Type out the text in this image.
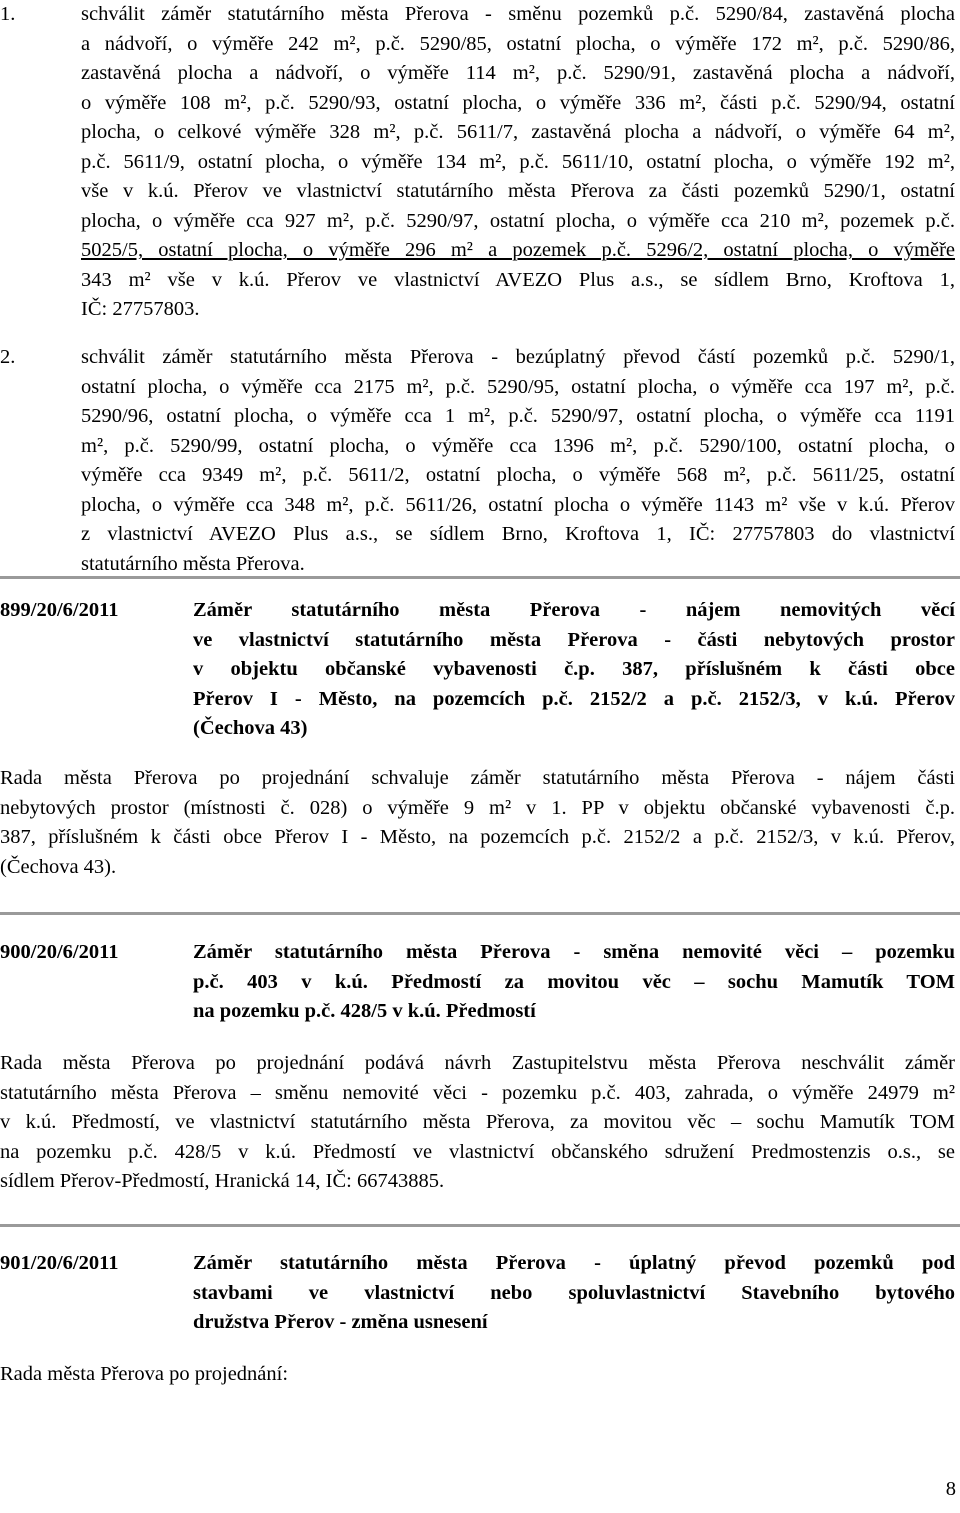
1.	schválit záměr statutárního města Přerova - směnu pozemků p.č. 5290/84, zastavěná plocha

a nádvoří, o výměře 242 m², p.č. 5290/85, ostatní plocha, o výměře 172 m², p.č. 5290/86,

zastavěná plocha a nádvoří, o výměře 114 m², p.č. 5290/91, zastavěná plocha a nádvoří,

o výměře 108 m², p.č. 5290/93, ostatní plocha, o výměře 336 m², části p.č. 5290/94, ostatní

plocha, o celkové výměře 328 m², p.č. 5611/7, zastavěná plocha a nádvoří, o výměře 64 m²,

p.č. 5611/9, ostatní plocha, o výměře 134 m², p.č. 5611/10, ostatní plocha, o výměře 192 m²,

vše v k.ú. Přerov ve vlastnictví statutárního města Přerova za části pozemků 5290/1, ostatní

plocha, o výměře cca 927 m², p.č. 5290/97, ostatní plocha, o výměře cca 210 m², pozemek p.č.

5025/5, ostatní plocha, o výměře 296 m² a pozemek p.č. 5296/2, ostatní plocha, o výměře

343 m² vše v k.ú. Přerov ve vlastnictví AVEZO Plus a.s., se sídlem Brno, Kroftova 1,

IČ: 27757803.

2.	schválit záměr statutárního města Přerova - bezúplatný převod částí pozemků p.č. 5290/1,

ostatní plocha, o výměře cca 2175 m², p.č. 5290/95, ostatní plocha, o výměře cca 197 m², p.č.

5290/96, ostatní plocha, o výměře cca 1 m², p.č. 5290/97, ostatní plocha, o výměře cca 1191

m², p.č. 5290/99, ostatní plocha, o výměře cca 1396 m², p.č. 5290/100, ostatní plocha, o

výměře cca 9349 m², p.č. 5611/2, ostatní plocha, o výměře 568 m², p.č. 5611/25, ostatní

plocha, o výměře cca 348 m², p.č. 5611/26, ostatní plocha o výměře 1143 m² vše v k.ú. Přerov

z vlastnictví AVEZO Plus a.s., se sídlem Brno, Kroftova 1, IČ: 27757803 do vlastnictví

statutárního města Přerova.

899/20/6/2011	Záměr statutárního města Přerova - nájem nemovitých věcí
ve vlastnictví statutárního města Přerova - části nebytových prostor
v objektu občanské vybavenosti č.p. 387, příslušném k části obce
Přerov I - Město, na pozemcích p.č. 2152/2 a p.č. 2152/3, v k.ú. Přerov
(Čechova 43)
Rada města Přerova po projednání schvaluje záměr statutárního města Přerova - nájem části
nebytových prostor (místnosti č. 028) o výměře 9 m² v 1. PP v objektu občanské vybavenosti č.p.
387, příslušném k části obce Přerov I - Město, na pozemcích p.č. 2152/2 a p.č. 2152/3, v k.ú. Přerov,
(Čechova 43).
900/20/6/2011	Záměr statutárního města Přerova - směna nemovité věci – pozemku
p.č. 403 v k.ú. Předmostí za movitou věc – sochu Mamutík TOM
na pozemku p.č. 428/5 v k.ú. Předmostí
Rada města Přerova po projednání podává návrh Zastupitelstvu města Přerova neschválit záměr
statutárního města Přerova – směnu nemovité věci - pozemku p.č. 403, zahrada, o výměře 24979 m²
v k.ú. Předmostí, ve vlastnictví statutárního města Přerova, za movitou věc – sochu Mamutík TOM
na pozemku p.č. 428/5 v k.ú. Předmostí ve vlastnictví občanského sdružení Predmostenzis o.s., se
sídlem Přerov-Předmostí, Hranická 14, IČ: 66743885.
901/20/6/2011	Záměr statutárního města Přerova - úplatný převod pozemků pod
stavbami ve vlastnictví nebo spoluvlastnictví Stavebního bytového
družstva Přerov - změna usnesení
Rada města Přerova po projednání:
8
